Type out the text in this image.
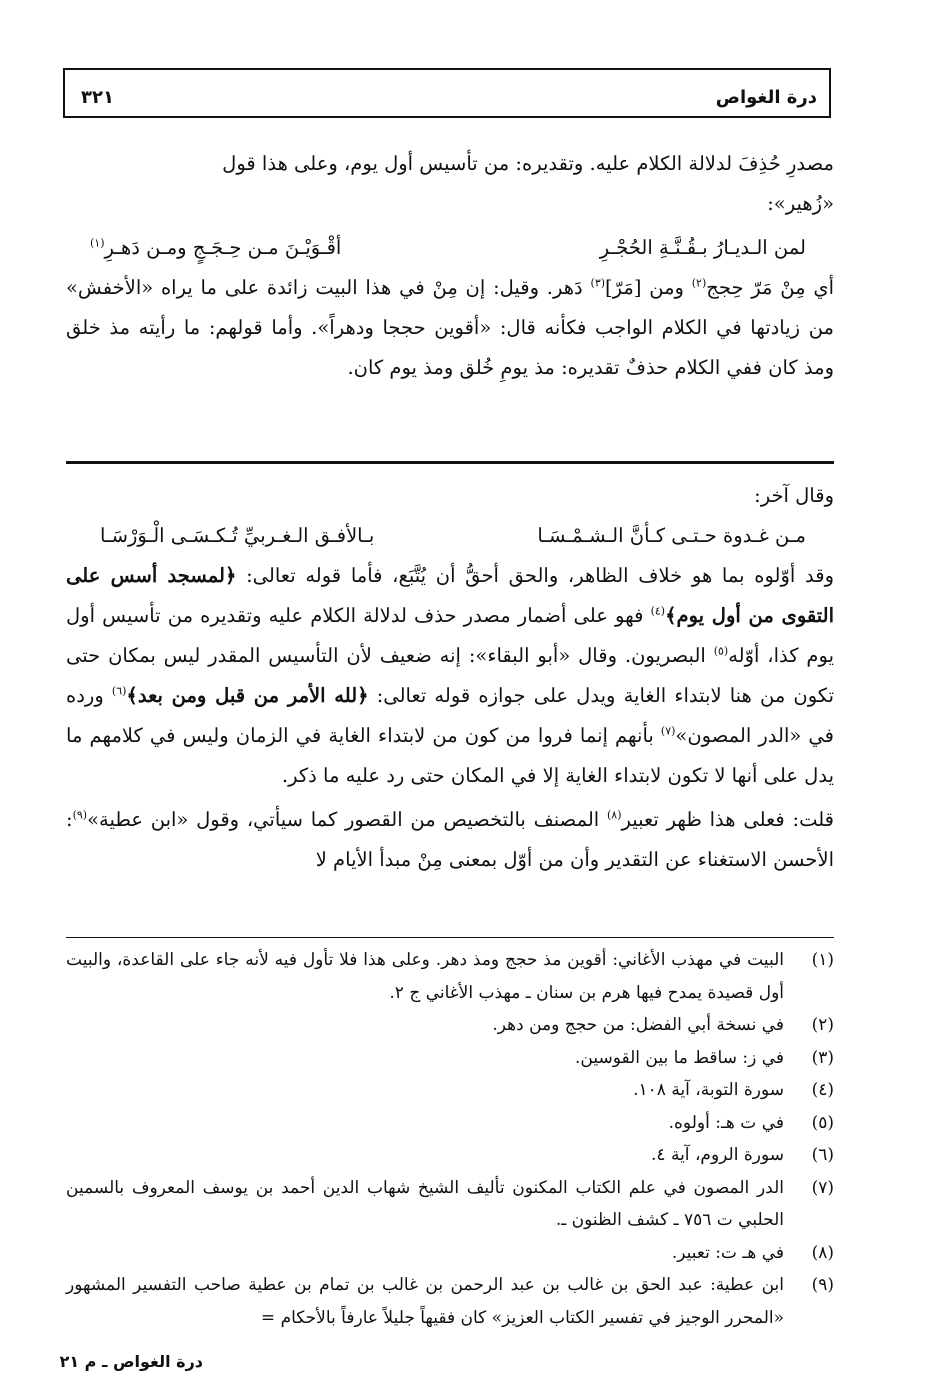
درة الغواص
٣٢١

مصدرِ حُذِفَ لدلالة الكلام عليه. وتقديره: من تأسيس أول يوم، وعلى هذا قول

«زُهير»:

لمن الـديـارُ بـقُـنَّـةِ الحُجْـرِ
أقْـوَيْـنَ مـن حِـجَـجٍ ومـن دَهـرِ$^{(١)}$

أي مِنْ مَرّ حِجج$^{(٢)}$ ومن [مَرّ]$^{(٣)}$ دَهر. وقيل: إن مِنْ في هذا البيت زائدة على ما يراه «الأخفش» من زيادتها في الكلام الواجب فكأنه قال: «أقوين حججا ودهراً». وأما قولهم: ما رأيته مذ خلق ومذ كان ففي الكلام حذفٌ تقديره: مذ يومِ خُلق ومذ يوم كان.

وقال آخر:

مـن غـدوة حـتـى كـأنَّ الـشـمْـسَـا
بـالأفـق الـغـربيِّ تُـكـسَـى الْـوَرْسَـا

وقد أوّلوه بما هو خلاف الظاهر، والحق أحقُّ أن يُتَّبَع، فأما قوله تعالى: ﴿لمسجد أسس على التقوى من أول يوم﴾$^{(٤)}$ فهو على أضمار مصدر حذف لدلالة الكلام عليه وتقديره من تأسيس أول يوم كذا، أوّله$^{(٥)}$ البصريون. وقال «أبو البقاء»: إنه ضعيف لأن التأسيس المقدر ليس بمكان حتى تكون من هنا لابتداء الغاية ويدل على جوازه قوله تعالى: ﴿لله الأمر من قبل ومن بعد﴾$^{(٦)}$ ورده في «الدر المصون»$^{(٧)}$ بأنهم إنما فروا من كون من لابتداء الغاية في الزمان وليس في كلامهم ما يدل على أنها لا تكون لابتداء الغاية إلا في المكان حتى رد عليه ما ذكر.

قلت: فعلى هذا ظهر تعبير$^{(٨)}$ المصنف بالتخصيص من القصور كما سيأتي، وقول «ابن عطية»$^{(٩)}$: الأحسن الاستغناء عن التقدير وأن من أوّل بمعنى مِنْ مبدأ الأيام لا

(١)
البيت في مهذب الأغاني: أقوين مذ حجج ومذ دهر. وعلى هذا فلا تأول فيه لأنه جاء على القاعدة، والبيت أول قصيدة يمدح فيها هرم بن سنان ـ مهذب الأغاني ج ٢.
(٢)
في نسخة أبي الفضل: من حجج ومن دهر.
(٣)
في ز: ساقط ما بين القوسين.
(٤)
سورة التوبة، آية ١٠٨.
(٥)
في ت هـ: أولوه.
(٦)
سورة الروم، آية ٤.
(٧)
الدر المصون في علم الكتاب المكنون تأليف الشيخ شهاب الدين أحمد بن يوسف المعروف بالسمين الحلبي ت ٧٥٦ ـ كشف الظنون ـ.
(٨)
في هـ ت: تعبير.
(٩)
ابن عطية: عبد الحق بن غالب بن عبد الرحمن بن غالب بن تمام بن عطية صاحب التفسير المشهور «المحرر الوجيز في تفسير الكتاب العزيز» كان فقيهاً جليلاً عارفاً بالأحكام =
درة الغواص ـ م ٢١
